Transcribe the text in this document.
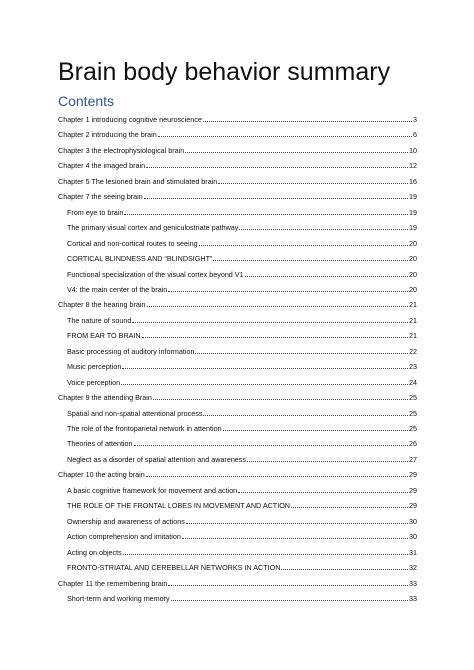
Brain body behavior summary
Contents
Chapter 1 introducing cognitive neuroscience	3
Chapter 2 introducing the brain	6
Chapter 3 the electrophysiological brain	10
Chapter 4 the imaged brain	12
Chapter 5 The lesioned brain and stimulated brain	16
Chapter 7 the seeing brain	19
From eye to brain	19
The primary visual cortex and geniculostriate pathway	19
Cortical and non-cortical routes to seeing	20
CORTICAL BLINDNESS AND “BLINDSIGHT”	20
Functional specialization of the visual cortex beyond V1	20
V4: the main center of the brain	20
Chapter 8 the hearing brain	21
The nature of sound	21
FROM EAR TO BRAIN	21
Basic processing of auditory information	22
Music perception	23
Voice perception	24
Chapter 9 the attending Brain	25
Spatial and non-spatial attentional process	25
The role of the frontoparietal network in attention	25
Theories of attention	26
Neglect as a disorder of spatial attention and awareness	27
Chapter 10 the acting brain	29
A basic cognitive framework for movement and action	29
THE ROLE OF THE FRONTAL LOBES IN MOVEMENT AND ACTION	29
Ownership and awareness of actions	30
Action comprehension and imitation	30
Acting on objects	31
FRONTO-STRIATAL AND CEREBELLAR NETWORKS IN ACTION	32
Chapter 11 the remembering brain	33
Short-term and working memory	33
